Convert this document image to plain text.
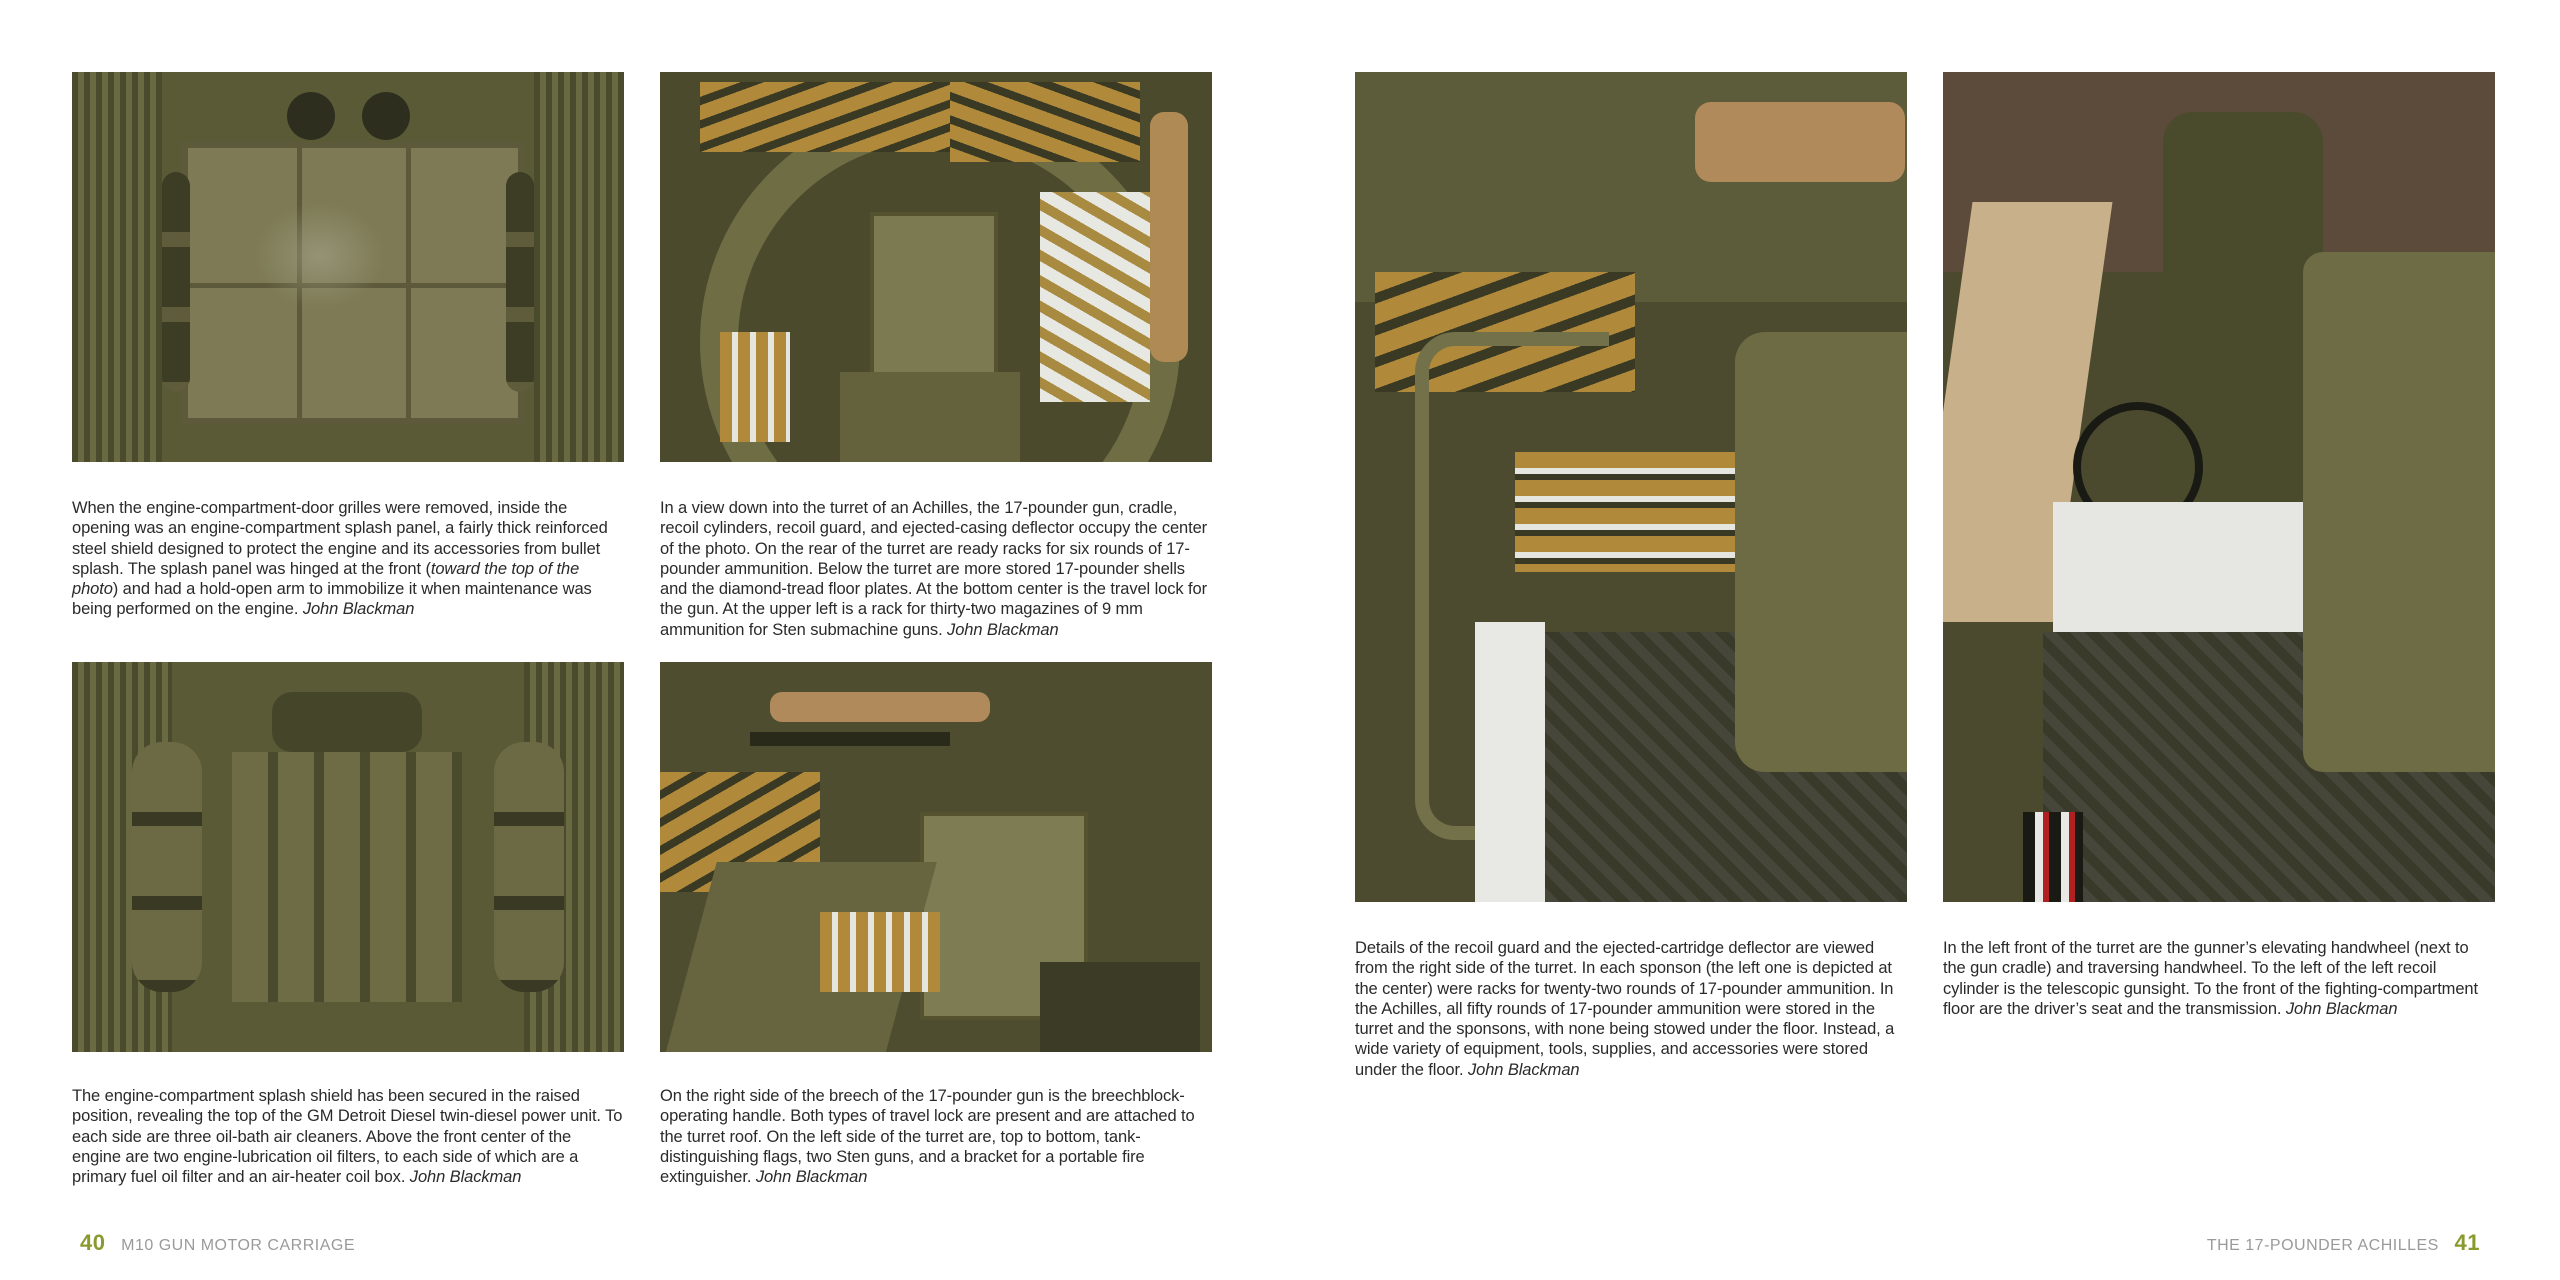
When the engine-compartment-door grilles were removed, inside the opening was an engine-compartment splash panel, a fairly thick reinforced steel shield designed to protect the engine and its accessories from bullet splash. The splash panel was hinged at the front (toward the top of the photo) and had a hold-open arm to immobilize it when maintenance was being performed on the engine. John Blackman
In a view down into the turret of an Achilles, the 17-pounder gun, cradle, recoil cylinders, recoil guard, and ejected-casing deflector occupy the center of the photo. On the rear of the turret are ready racks for six rounds of 17-pounder ammunition. Below the turret are more stored 17-pounder shells and the diamond-tread floor plates. At the bottom center is the travel lock for the gun. At the upper left is a rack for thirty-two magazines of 9 mm ammunition for Sten submachine guns. John Blackman
The engine-compartment splash shield has been secured in the raised position, revealing the top of the GM Detroit Diesel twin-diesel power unit. To each side are three oil-bath air cleaners. Above the front center of the engine are two engine-lubrication oil filters, to each side of which are a primary fuel oil filter and an air-heater coil box. John Blackman
On the right side of the breech of the 17-pounder gun is the breechblock-operating handle. Both types of travel lock are present and are attached to the turret roof. On the left side of the turret are, top to bottom, tank-distinguishing flags, two Sten guns, and a bracket for a portable fire extinguisher. John Blackman
Details of the recoil guard and the ejected-cartridge deflector are viewed from the right side of the turret. In each sponson (the left one is depicted at the center) were racks for twenty-two rounds of 17-pounder ammunition. In the Achilles, all fifty rounds of 17-pounder ammunition were stored in the turret and the sponsons, with none being stowed under the floor. Instead, a wide variety of equipment, tools, supplies, and accessories were stored under the floor. John Blackman
In the left front of the turret are the gunner’s elevating handwheel (next to the gun cradle) and traversing handwheel. To the left of the left recoil cylinder is the telescopic gunsight. To the front of the fighting-compartment floor are the driver’s seat and the transmission. John Blackman
40 M10 GUN MOTOR CARRIAGE	THE 17-POUNDER ACHILLES 41
